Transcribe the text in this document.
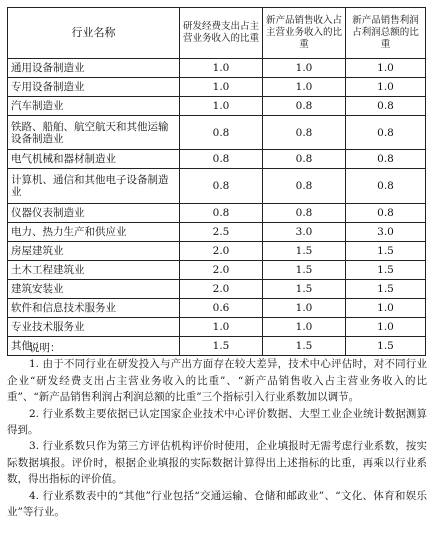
行业名称	研发经费支出占主营业务收入的比重	新产品销售收入占主营业务收入的比重	新产品销售利润占利润总额的比重
通用设备制造业	1.0	1.0	1.0
专用设备制造业	1.0	1.0	1.0
汽车制造业	1.0	0.8	0.8
铁路、船舶、航空航天和其他运输设备制造业	0.8	0.8	0.8
电气机械和器材制造业	0.8	0.8	0.8
计算机、通信和其他电子设备制造业	0.8	0.8	0.8
仪器仪表制造业	0.8	0.8	0.8
电力、热力生产和供应业	2.5	3.0	3.0
房屋建筑业	2.0	1.5	1.5
土木工程建筑业	2.0	1.5	1.5
建筑安装业	2.0	1.5	1.5
软件和信息技术服务业	0.6	1.0	1.0
专业技术服务业	1.0	1.0	1.0
其他	1.5	1.5	1.5
说明：

1. 由于不同行业在研发投入与产出方面存在较大差异，技术中心评估时，对不同行业企业“研发经费支出占主营业务收入的比重”、“新产品销售收入占主营业务收入的比重”、“新产品销售利润占利润总额的比重”三个指标引入行业系数加以调节。

2. 行业系数主要依据已认定国家企业技术中心评价数据、大型工业企业统计数据测算得到。

3. 行业系数只作为第三方评估机构评价时使用，企业填报时无需考虑行业系数，按实际数据填报。评价时，根据企业填报的实际数据计算得出上述指标的比重，再乘以行业系数，得出指标的评价值。

4. 行业系数表中的“其他”行业包括“交通运输、仓储和邮政业”、“文化、体育和娱乐业”等行业。
